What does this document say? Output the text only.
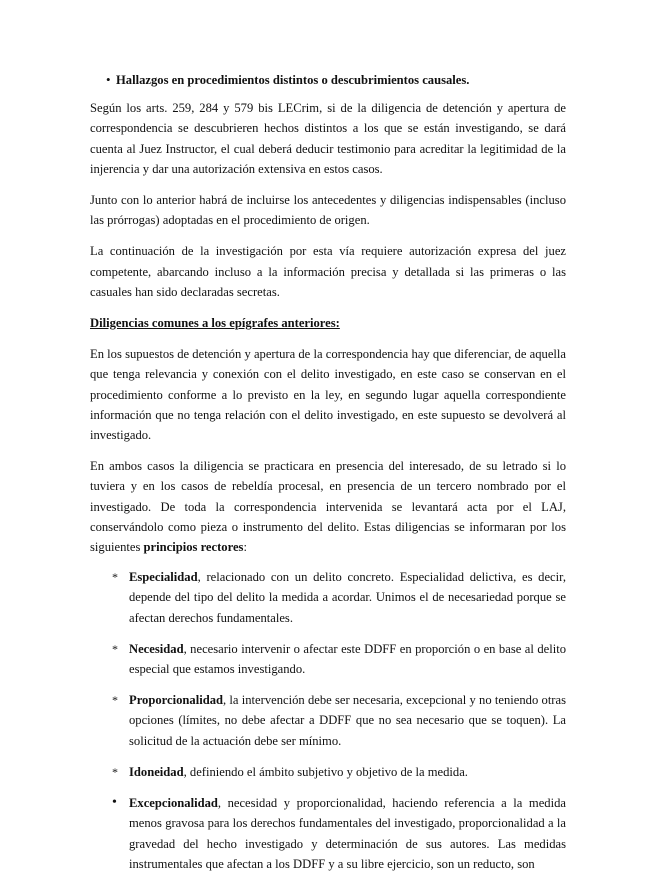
• Hallazgos en procedimientos distintos o descubrimientos causales.

Según los arts. 259, 284 y 579 bis LECrim, si de la diligencia de detención y apertura de correspondencia se descubrieren hechos distintos a los que se están investigando, se dará cuenta al Juez Instructor, el cual deberá deducir testimonio para acreditar la legitimidad de la injerencia y dar una autorización extensiva en estos casos.

Junto con lo anterior habrá de incluirse los antecedentes y diligencias indispensables (incluso las prórrogas) adoptadas en el procedimiento de origen.

La continuación de la investigación por esta vía requiere autorización expresa del juez competente, abarcando incluso a la información precisa y detallada si las primeras o las casuales han sido declaradas secretas.

Diligencias comunes a los epígrafes anteriores:

En los supuestos de detención y apertura de la correspondencia hay que diferenciar, de aquella que tenga relevancia y conexión con el delito investigado, en este caso se conservan en el procedimiento conforme a lo previsto en la ley, en segundo lugar aquella correspondiente información que no tenga relación con el delito investigado, en este supuesto se devolverá al investigado.

En ambos casos la diligencia se practicara en presencia del interesado, de su letrado si lo tuviera y en los casos de rebeldía procesal, en presencia de un tercero nombrado por el investigado. De toda la correspondencia intervenida se levantará acta por el LAJ, conservándolo como pieza o instrumento del delito. Estas diligencias se informaran por los siguientes principios rectores:

* Especialidad, relacionado con un delito concreto. Especialidad delictiva, es decir, depende del tipo del delito la medida a acordar. Unimos el de necesariedad porque se afectan derechos fundamentales.

* Necesidad, necesario intervenir o afectar este DDFF en proporción o en base al delito especial que estamos investigando.

* Proporcionalidad, la intervención debe ser necesaria, excepcional y no teniendo otras opciones (límites, no debe afectar a DDFF que no sea necesario que se toquen). La solicitud de la actuación debe ser mínimo.

* Idoneidad, definiendo el ámbito subjetivo y objetivo de la medida.

• Excepcionalidad, necesidad y proporcionalidad, haciendo referencia a la medida menos gravosa para los derechos fundamentales del investigado, proporcionalidad a la gravedad del hecho investigado y determinación de sus autores. Las medidas instrumentales que afectan a los DDFF y a su libre ejercicio, son un reducto, son
